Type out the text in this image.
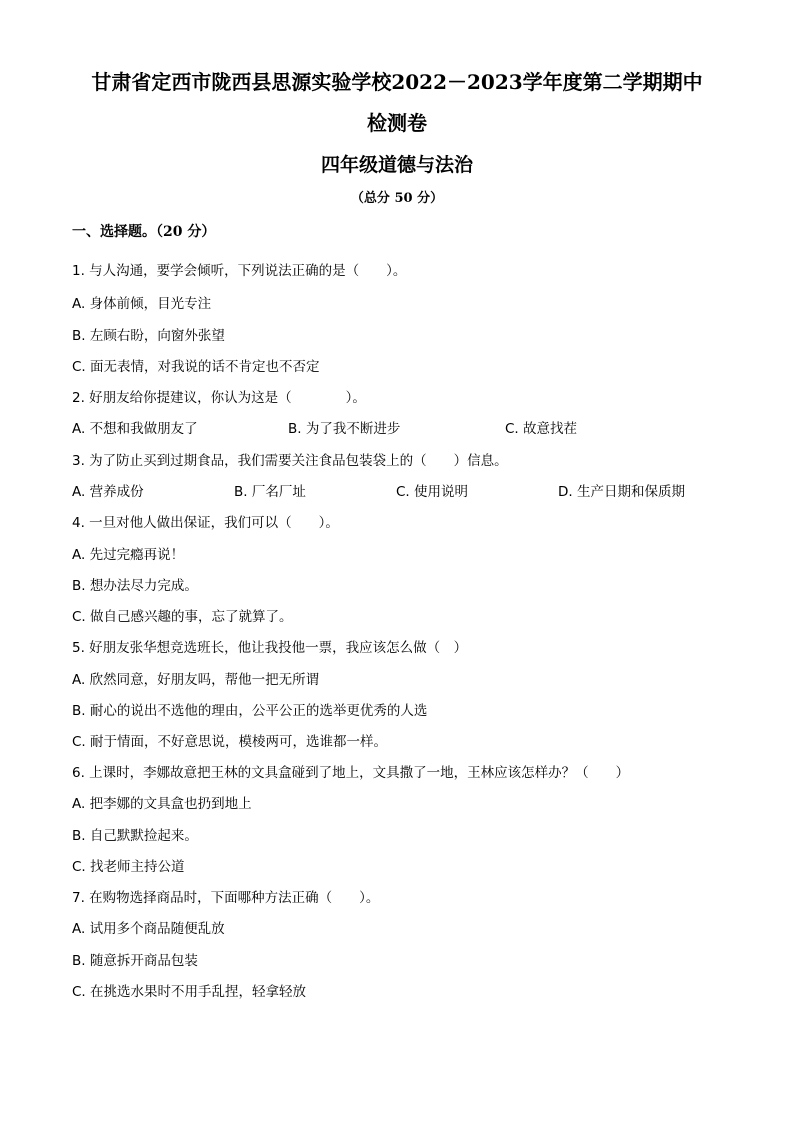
甘肃省定西市陇西县思源实验学校2022－2023学年度第二学期期中
检测卷
四年级道德与法治
（总分 50 分）
一、选择题。（20 分）
1. 与人沟通，要学会倾听，下列说法正确的是（　　）。
A. 身体前倾，目光专注
B. 左顾右盼，向窗外张望
C. 面无表情，对我说的话不肯定也不否定
2. 好朋友给你提建议，你认为这是（　　　　）。
A. 不想和我做朋友了	B. 为了我不断进步	C. 故意找茬
3. 为了防止买到过期食品，我们需要关注食品包装袋上的（　　）信息。
A. 营养成份	B. 厂名厂址	C. 使用说明	D. 生产日期和保质期
4. 一旦对他人做出保证，我们可以（　　）。
A. 先过完瘾再说！
B. 想办法尽力完成。
C. 做自己感兴趣的事，忘了就算了。
5. 好朋友张华想竞选班长，他让我投他一票，我应该怎么做（　）
A. 欣然同意，好朋友吗，帮他一把无所谓
B. 耐心的说出不选他的理由，公平公正的选举更优秀的人选
C. 耐于情面，不好意思说，模棱两可，选谁都一样。
6. 上课时，李娜故意把王林的文具盒碰到了地上，文具撒了一地，王林应该怎样办？（　　）
A. 把李娜的文具盒也扔到地上
B. 自己默默捡起来。
C. 找老师主持公道
7. 在购物选择商品时，下面哪种方法正确（　　）。
A. 试用多个商品随便乱放
B. 随意拆开商品包装
C. 在挑选水果时不用手乱捏，轻拿轻放
